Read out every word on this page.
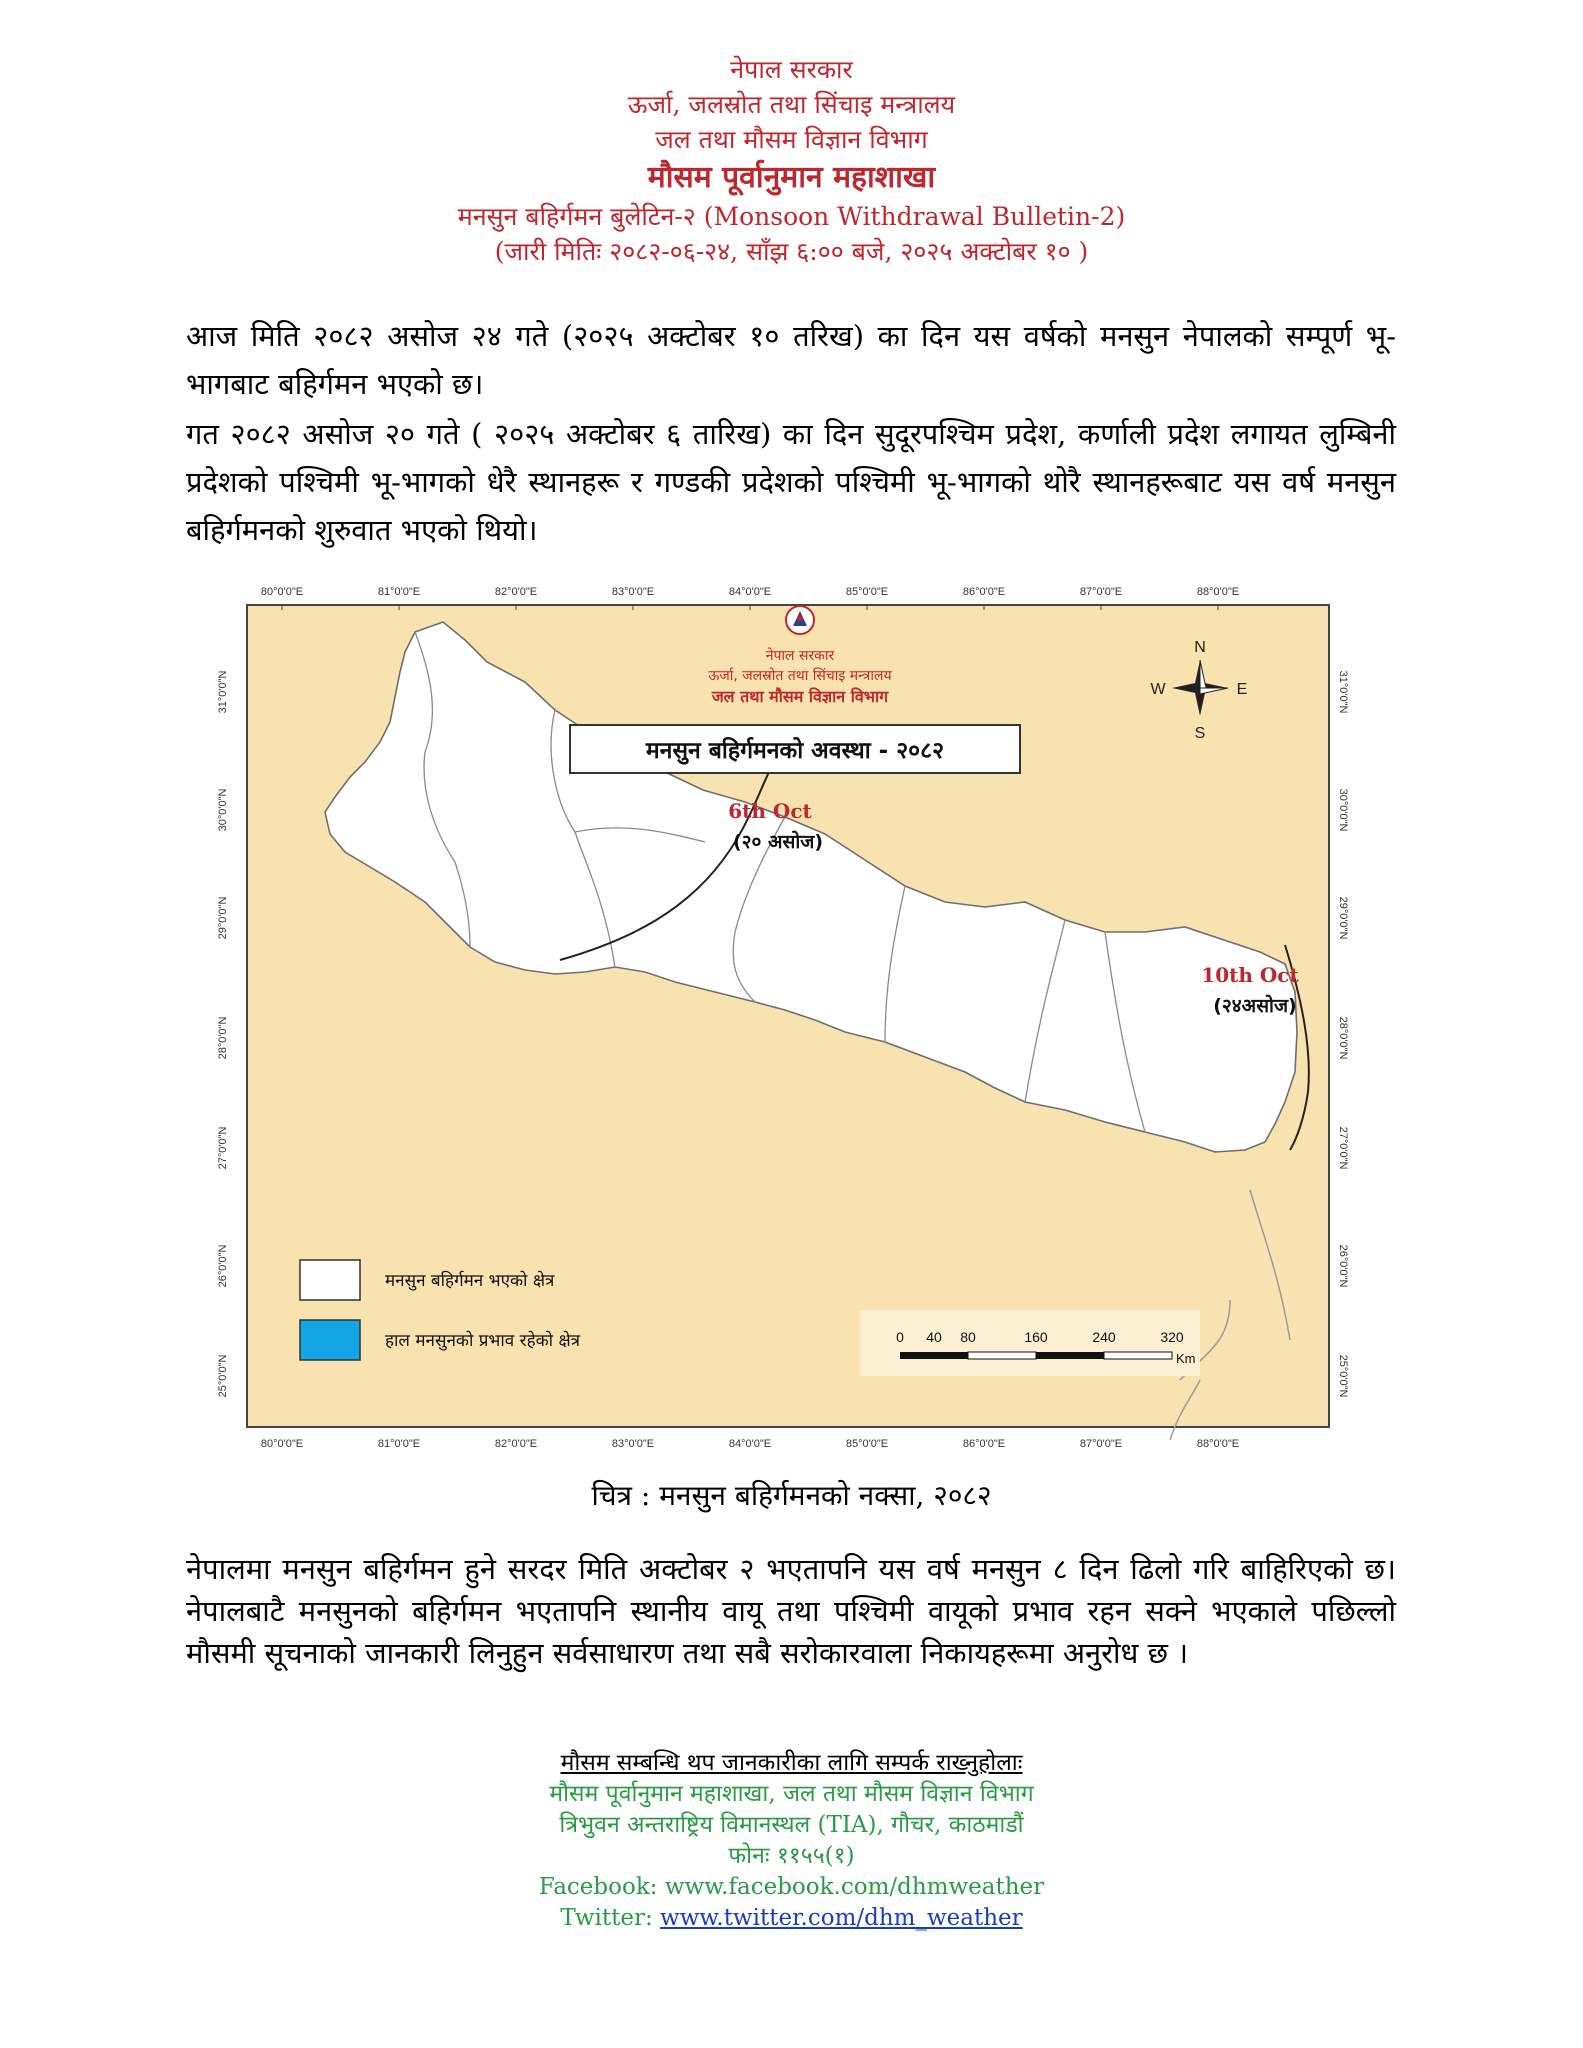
नेपाल सरकार
ऊर्जा, जलस्रोत तथा सिंचाइ मन्त्रालय
जल तथा मौसम विज्ञान विभाग
मौसम पूर्वानुमान महाशाखा
मनसुन बहिर्गमन बुलेटिन-२ (Monsoon Withdrawal Bulletin-2)
(जारी मितिः २०८२-०६-२४, साँझ ६:०० बजे, २०२५ अक्टोबर १० )
आज मिति २०८२ असोज २४ गते (२०२५ अक्टोबर १० तरिख) का दिन यस वर्षको मनसुन नेपालको सम्पूर्ण भू-भागबाट बहिर्गमन भएको छ।
गत २०८२ असोज २० गते ( २०२५ अक्टोबर ६ तारिख) का दिन सुदूरपश्चिम प्रदेश, कर्णाली प्रदेश लगायत लुम्बिनी प्रदेशको पश्चिमी भू-भागको धेरै स्थानहरू र गण्डकी प्रदेशको पश्चिमी भू-भागको थोरै स्थानहरूबाट यस वर्ष मनसुन बहिर्गमनको शुरुवात भएको थियो।
80°0'0"E	81°0'0"E	82°0'0"E	83°0'0"E	84°0'0"E	85°0'0"E	86°0'0"E	87°0'0"E	88°0'0"E
80°0'0"E	81°0'0"E	82°0'0"E	83°0'0"E	84°0'0"E	85°0'0"E	86°0'0"E	87°0'0"E	88°0'0"E
31°0'0"N
30°0'0"N
29°0'0"N
28°0'0"N
27°0'0"N
26°0'0"N
25°0'0"N
31°0'0"N
30°0'0"N
29°0'0"N
28°0'0"N
27°0'0"N
26°0'0"N
25°0'0"N
नेपाल सरकार
ऊर्जा, जलस्रोत तथा सिंचाइ मन्त्रालय
जल तथा मौसम विज्ञान विभाग
मनसुन बहिर्गमनको अवस्था - २०८२
N
S
E
W
6th Oct
(२० असोज)
10th Oct
(२४असोज)
मनसुन बहिर्गमन भएको क्षेत्र
हाल मनसुनको प्रभाव रहेको क्षेत्र	0 40 80	160	240	320
Km
चित्र : मनसुन बहिर्गमनको नक्सा, २०८२
नेपालमा मनसुन बहिर्गमन हुने सरदर मिति अक्टोबर २ भएतापनि यस वर्ष मनसुन ८ दिन ढिलो गरि बाहिरिएको छ। नेपालबाटै मनसुनको बहिर्गमन भएतापनि स्थानीय वायू तथा पश्चिमी वायूको प्रभाव रहन सक्ने भएकाले पछिल्लो मौसमी सूचनाको जानकारी लिनुहुन सर्वसाधारण तथा सबै सरोकारवाला निकायहरूमा अनुरोध छ ।
मौसम सम्बन्धि थप जानकारीका लागि सम्पर्क राख्नुहोलाः
मौसम पूर्वानुमान महाशाखा, जल तथा मौसम विज्ञान विभाग
त्रिभुवन अन्तराष्ट्रिय विमानस्थल (TIA), गौचर, काठमाडौं
फोनः ११५५(१)
Facebook: www.facebook.com/dhmweather
Twitter: www.twitter.com/dhm_weather
